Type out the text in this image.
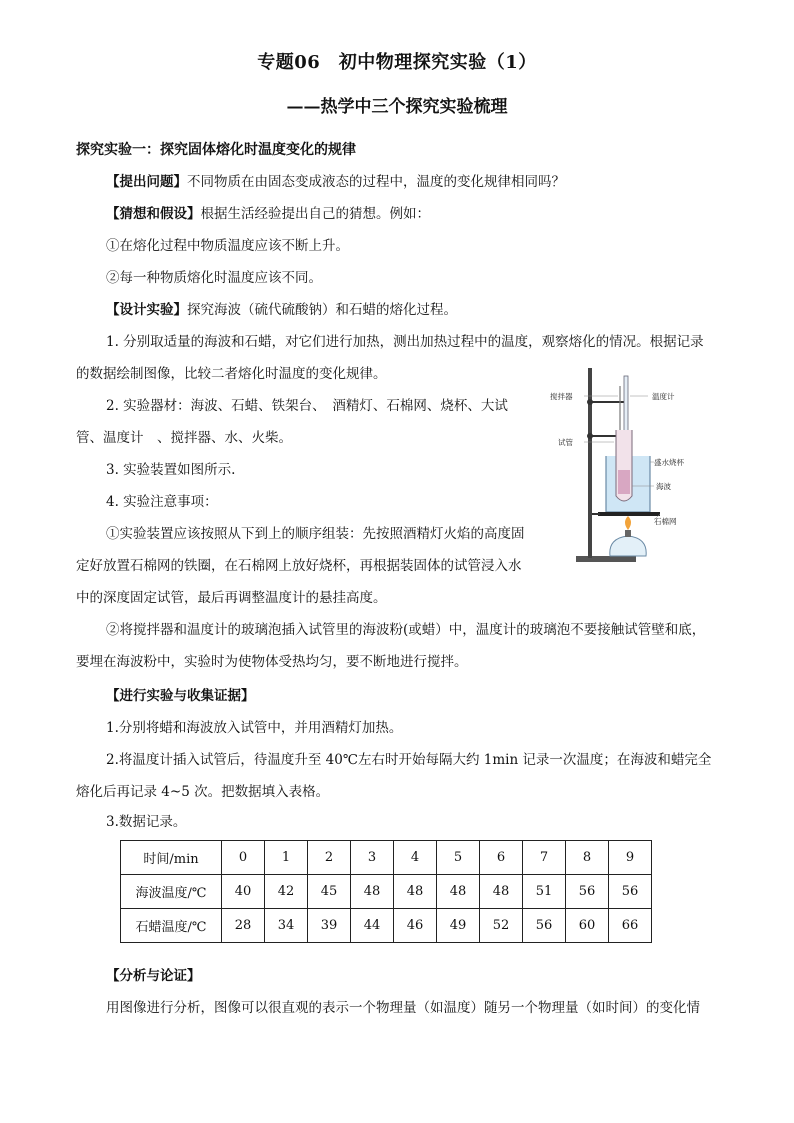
专题06　初中物理探究实验（1）
——热学中三个探究实验梳理
探究实验一：探究固体熔化时温度变化的规律
【提出问题】不同物质在由固态变成液态的过程中，温度的变化规律相同吗？
【猜想和假设】根据生活经验提出自己的猜想。例如：
①在熔化过程中物质温度应该不断上升。
②每一种物质熔化时温度应该不同。
【设计实验】探究海波（硫代硫酸钠）和石蜡的熔化过程。
1. 分别取适量的海波和石蜡，对它们进行加热，测出加热过程中的温度，观察熔化的情况。根据记录
的数据绘制图像，比较二者熔化时温度的变化规律。
2. 实验器材：海波、石蜡、铁架台、　酒精灯、石棉网、烧杯、大试
管、温度计　、搅拌器、水、火柴。
3. 实验装置如图所示.
4. 实验注意事项：
①实验装置应该按照从下到上的顺序组装：先按照酒精灯火焰的高度固
定好放置石棉网的铁圈，在石棉网上放好烧杯，再根据装固体的试管浸入水
中的深度固定试管，最后再调整温度计的悬挂高度。
②将搅拌器和温度计的玻璃泡插入试管里的海波粉(或蜡）中，温度计的玻璃泡不要接触试管壁和底，
要埋在海波粉中，实验时为使物体受热均匀，要不断地进行搅拌。
【进行实验与收集证据】
1.分别将蜡和海波放入试管中，并用酒精灯加热。
2.将温度计插入试管后，待温度升至 40℃左右时开始每隔大约 1min 记录一次温度；在海波和蜡完全
熔化后再记录 4~5 次。把数据填入表格。
3.数据记录。
时间/min	0	1	2	3	4	5	6	7	8	9
海波温度/℃	40	42	45	48	48	48	48	51	56	56
石蜡温度/℃	28	34	39	44	46	49	52	56	60	66
【分析与论证】
用图像进行分析，图像可以很直观的表示一个物理量（如温度）随另一个物理量（如时间）的变化情
搅拌器	温度计
试管
盛水烧杯
海波
石棉网
